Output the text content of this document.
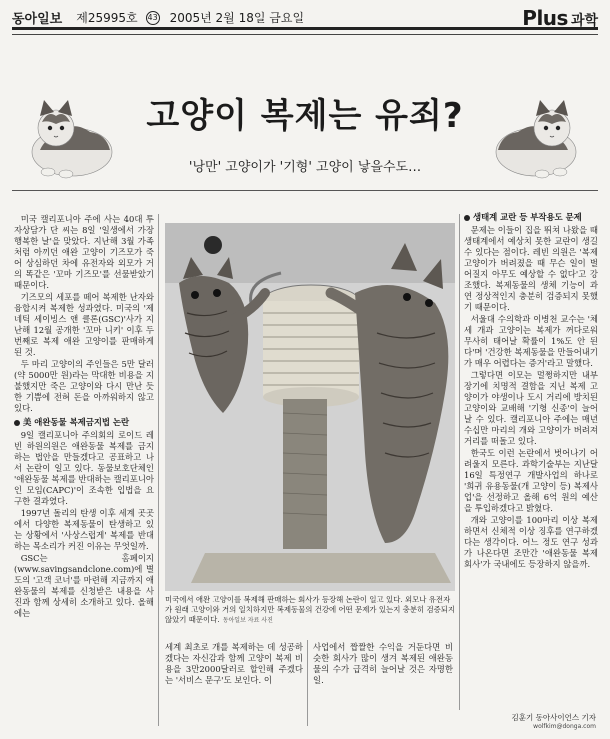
동아일보 제25995호 43 2005년 2월 18일 금요일	Plus 과학
고양이 복제는 유죄?
'낭만' 고양이가 '기형' 고양이 낳을수도…

미국 캘리포니아 주에 사는 40대 투자상담가 단 씨는 8일 '일생에서 가장 행복한 날'을 맞았다. 지난해 3월 가족처럼 아끼던 애완 고양이 기즈모가 죽어 상심하던 차에 유전자와 외모가 거의 똑같은 '꼬마 기즈모'를 선물받았기 때문이다.

기즈모의 세포를 떼어 복제한 난자와 융합시켜 복제한 성과였다. 미국의 '제네틱 세이빙스 앤 클론(GSC)'사가 지난해 12월 공개한 '꼬마 니키' 이후 두 번째로 복제 애완 고양이를 판매하게 된 것.

두 마리 고양이의 주인들은 5만 달러(약 5000만 원)라는 막대한 비용을 지불했지만 죽은 고양이와 다시 만난 듯한 기쁨에 전혀 돈을 아까워하지 않고 있다.

美 애완동물 복제금지법 논란

9일 캘리포니아 주의회의 로이드 레빈 하원의원은 애완동물 복제를 금지하는 법안을 만들겠다고 공표하고 나서 논란이 일고 있다. 동물보호단체인 '애완동물 복제를 반대하는 캘리포니아인 모임(CAPC)'이 조속한 입법을 요구한 결과였다.

1997년 돌리의 탄생 이후 세계 곳곳에서 다양한 복제동물이 탄생하고 있는 상황에서 '사상스럽게' 복제를 반대하는 목소리가 커진 이유는 무엇일까.

GSC는 홈페이지(www.savingsandclone.com)에 별도의 '고객 코너'를 마련해 지금까지 애완동물의 복제를 신청받은 내용을 사진과 함께 상세히 소개하고 있다. 올해에는

미국에서 애완 고양이를 복제해 판매하는 회사가 등장해 논란이 일고 있다. 외모나 유전자가 원래 고양이와 거의 일치하지만 복제동물의 건강에 어떤 문제가 있는지 충분히 검증되지 않았기 때문이다. 동아일보 자료 사진

세계 최초로 개를 복제하는 데 성공하겠다는 자신감과 함께 고양이 복제 비용을 3만2000달러로 할인해 주겠다는 '서비스 문구'도 보인다. 이

사업에서 짭짤한 수익을 거둔다면 비슷한 회사가 많이 생겨 복제된 애완동물의 수가 급격히 늘어날 것은 자명한 일.

생태계 교란 등 부작용도 문제

문제는 이들이 집을 뛰쳐 나왔을 때 생태계에서 예상치 못한 교란이 생길 수 있다는 점이다. 레빈 의원은 '복제 고양이가 버려졌을 때 무슨 일이 벌어질지 아무도 예상할 수 없다'고 강조했다. 복제동물의 생체 기능이 과연 정상적인지 충분히 검증되지 못했기 때문이다.

서울대 수의학과 이병천 교수는 '체세 개과 고양이는 복제가 꺼다로워 무사히 태어날 확률이 1%도 안 된다'며 '건강한 복제동물을 만들어내기가 매우 어렵다는 증거'라고 말했다.

그렇다면 이모는 멀쩡하지만 내부 장기에 치명적 결함을 지닌 복제 고양이가 야생이나 도시 거리에 방치된 고양이와 교배해 '기형 신종'이 늘어날 수 있다. 캘리포니아 주에는 매년 수십만 마리의 개와 고양이가 버려져 거리를 떠돌고 있다.

한국도 이런 논란에서 벗어나기 어려울지 모른다. 과학기술부는 지난달 16일 특정연구 개발사업의 하나로 '희귀 유용동물(개 고양이 등) 복제사업'을 선정하고 올해 6억 원의 예산을 투입하겠다고 밝혔다.

개와 고양이를 100마리 이상 복제하면서 신체적 이상 징후를 연구하겠다는 생각이다. 어느 정도 연구 성과가 나온다면 조만간 '애완동물 복제회사'가 국내에도 등장하지 않을까.

김훈기 동아사이언스 기자
wolfkim@donga.com
